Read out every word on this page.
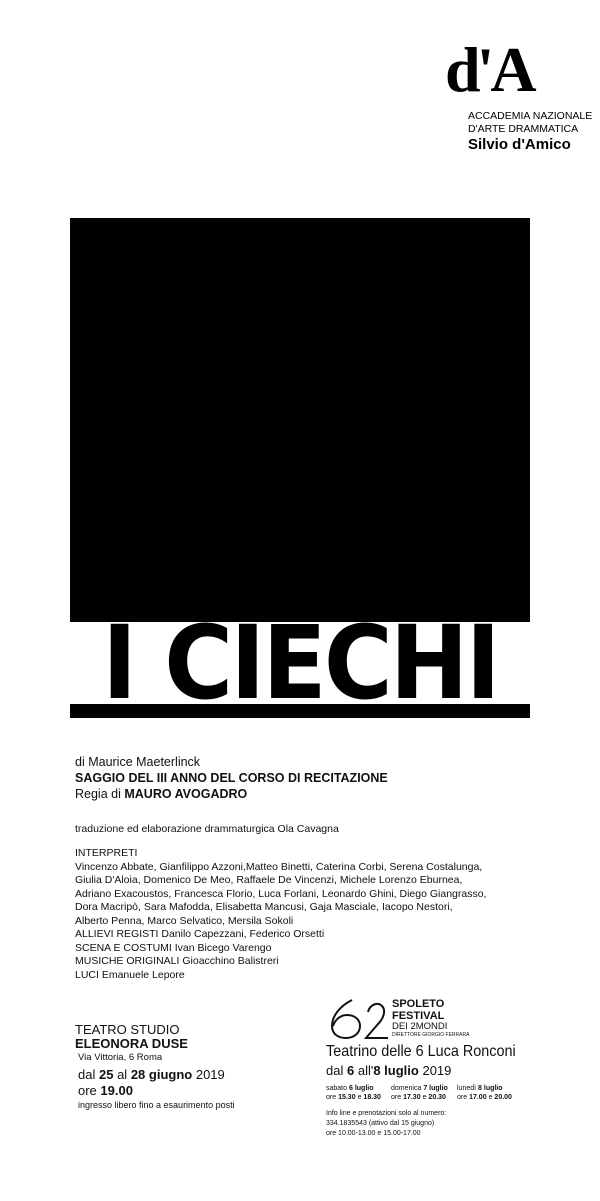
d'A
ACCADEMIA NAZIONALE
D'ARTE DRAMMATICA
Silvio d'Amico
I CIECHI
di Maurice Maeterlinck
SAGGIO DEL III ANNO DEL CORSO DI RECITAZIONE
Regia di MAURO AVOGADRO
traduzione ed elaborazione drammaturgica Ola Cavagna
INTERPRETI
Vincenzo Abbate, Gianfilippo Azzoni,Matteo Binetti, Caterina Corbi, Serena Costalunga,
Giulia D'Aloia, Domenico De Meo, Raffaele De Vincenzi, Michele Lorenzo Eburnea,
Adriano Exacoustos, Francesca Florio, Luca Forlani, Leonardo Ghini, Diego Giangrasso,
Dora Macripò, Sara Mafodda, Elisabetta Mancusi, Gaja Masciale, Iacopo Nestori,
Alberto Penna, Marco Selvatico, Mersila Sokoli
ALLIEVI REGISTI Danilo Capezzani, Federico Orsetti
SCENA E COSTUMI Ivan Bicego Varengo
MUSICHE ORIGINALI Gioacchino Balistreri
LUCI Emanuele Lepore
TEATRO STUDIO
ELEONORA DUSE
Via Vittoria, 6 Roma
dal 25 al 28 giugno 2019
ore 19.00
ingresso libero fino a esaurimento posti
SPOLETO
FESTIVAL
DEI 2MONDI
DIRETTORE GIORGIO FERRARA
Teatrino delle 6 Luca Ronconi
dal 6 all'8 luglio 2019
sabato 6 luglio
ore 15.30 e 18.30
domenica 7 luglio
ore 17.30 e 20.30
lunedì 8 luglio
ore 17.00 e 20.00
Info line e prenotazioni solo al numero:
334.1835543 (attivo dal 15 giugno)
ore 10.00-13.00 e 15.00-17.00
